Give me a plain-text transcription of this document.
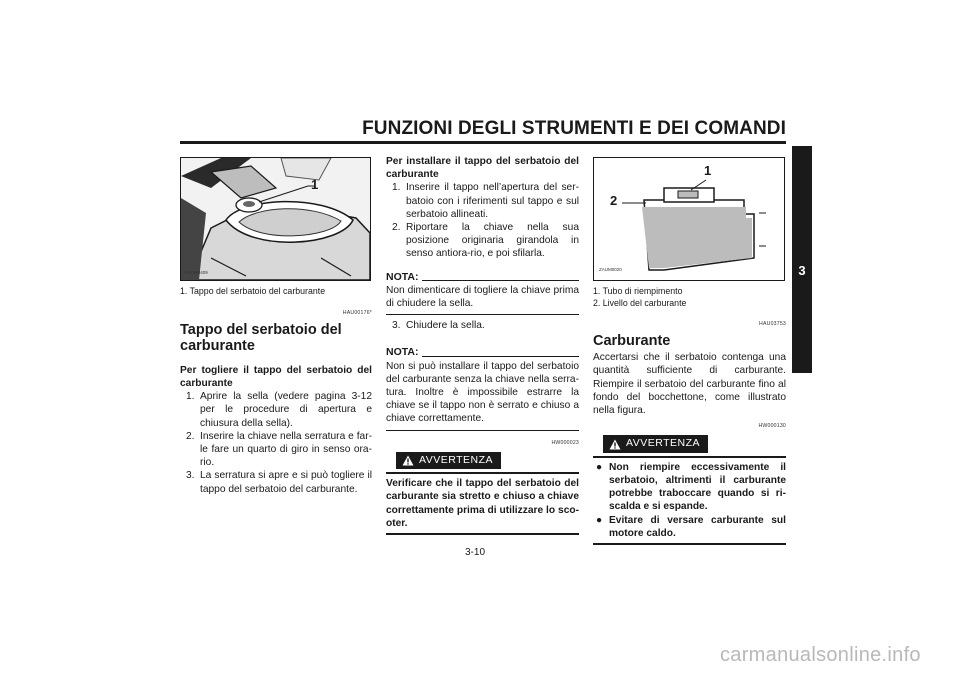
FUNZIONI DEGLI STRUMENTI E DEI COMANDI
3
ZAUM0409
1
1. Tappo del serbatoio del carburante
HAU00176*
Tappo del serbatoio del carburante

Per togliere il tappo del serbatoio del carburante

1. Aprire la sella (vedere pagina 3-12 per le procedure di apertura e chiusura della sella).
2. Inserire la chiave nella serratura e far-le fare un quarto di giro in senso ora-rio.
3. La serratura si apre e si può togliere il tappo del serbatoio del carburante.

Per installare il tappo del serbatoio del carburante

1. Inserire il tappo nell’apertura del ser-batoio con i riferimenti sul tappo e sul serbatoio allineati.
2. Riportare la chiave nella sua posizione originaria girandola in senso antiora-rio, e poi sfilarla.
NOTA:

Non dimenticare di togliere la chiave prima di chiudere la sella.

3. Chiudere la sella.
NOTA:

Non si può installare il tappo del serbatoio del carburante senza la chiave nella serra-tura. Inoltre è impossibile estrarre la chiave se il tappo non è serrato e chiuso a chiave correttamente.

HW000023
AVVERTENZA

Verificare che il tappo del serbatoio del carburante sia stretto e chiuso a chiave correttamente prima di utilizzare lo sco-oter.

ZAUM0020
1
2
1. Tubo di riempimento
2. Livello del carburante
HAU03753
Carburante

Accertarsi che il serbatoio contenga una quantità sufficiente di carburante. Riempire il serbatoio del carburante fino al fondo del bocchettone, come illustrato nella figura.

HW000130
AVVERTENZA
● Non riempire eccessivamente il serbatoio, altrimenti il carburante potrebbe traboccare quando si ri-scalda e si espande.
● Evitare di versare carburante sul motore caldo.
3-10
carmanualsonline.info
